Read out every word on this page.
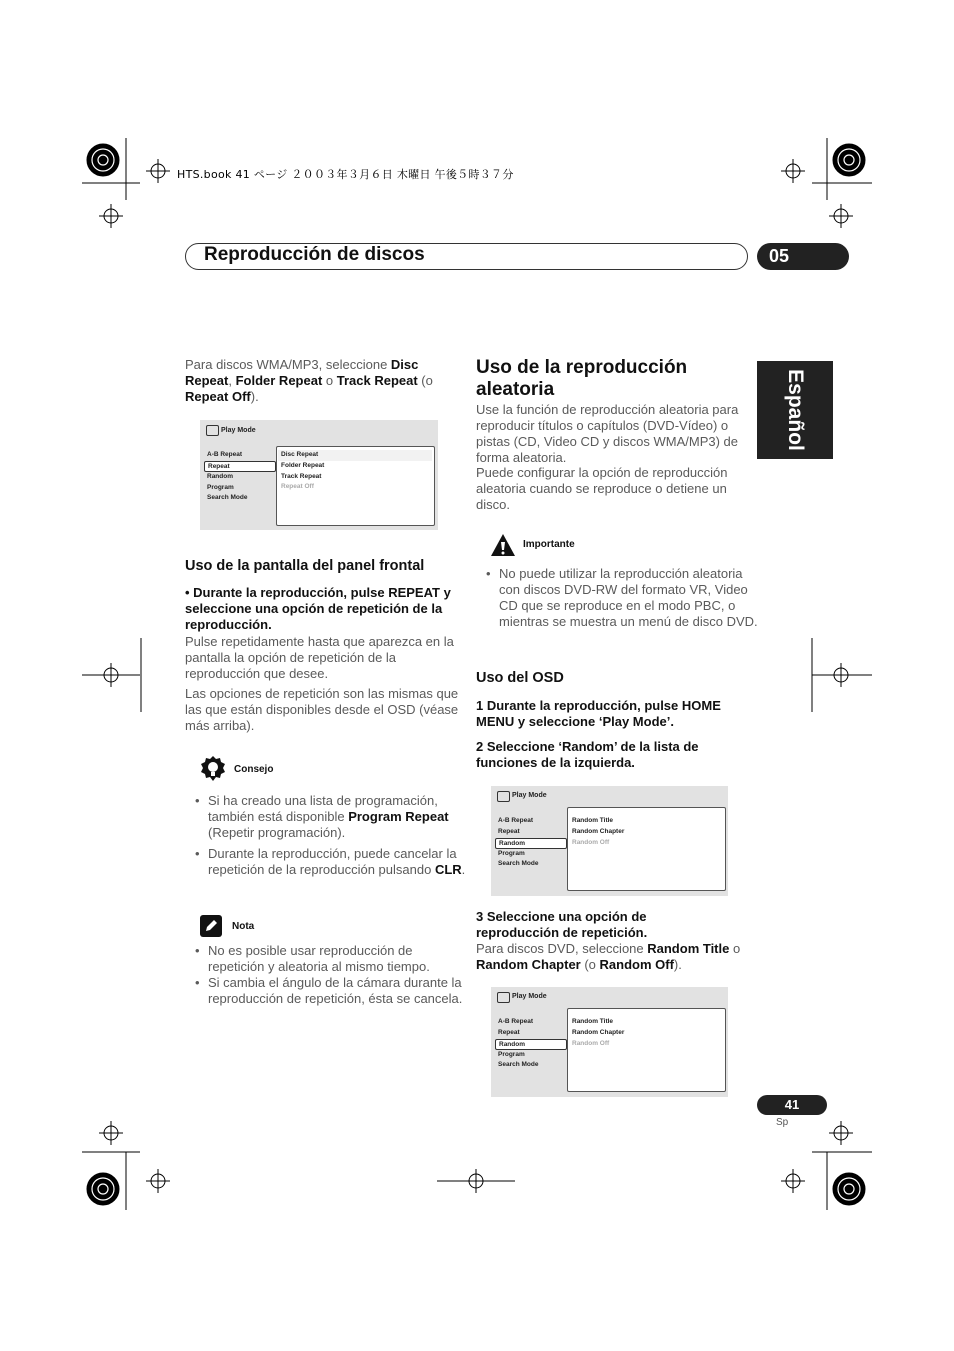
HTS.book 41 ページ ２００３年３月６日 木曜日 午後５時３７分
Reproducción de discos	05
Español
Para discos WMA/MP3, seleccione Disc Repeat, Folder Repeat o Track Repeat (o Repeat Off).
Play Mode
A-B Repeat
Repeat
Random
Program
Search Mode
Disc Repeat
Folder Repeat
Track Repeat
Repeat Off
Uso de la pantalla del panel frontal
• Durante la reproducción, pulse REPEAT y seleccione una opción de repetición de la reproducción.
Pulse repetidamente hasta que aparezca en la pantalla la opción de repetición de la reproducción que desee.
Las opciones de repetición son las mismas que las que están disponibles desde el OSD (véase más arriba).
Consejo
• Si ha creado una lista de programación, también está disponible Program Repeat (Repetir programación).
• Durante la reproducción, puede cancelar la repetición de la reproducción pulsando CLR.
Nota
• No es posible usar reproducción de repetición y aleatoria al mismo tiempo.
• Si cambia el ángulo de la cámara durante la reproducción de repetición, ésta se cancela.
Uso de la reproducción aleatoria
Use la función de reproducción aleatoria para reproducir títulos o capítulos (DVD-Vídeo) o pistas (CD, Video CD y discos WMA/MP3) de forma aleatoria.
Puede configurar la opción de reproducción aleatoria cuando se reproduce o detiene un disco.
Importante
• No puede utilizar la reproducción aleatoria con discos DVD-RW del formato VR, Video CD que se reproduce en el modo PBC, o mientras se muestra un menú de disco DVD.
Uso del OSD
1 Durante la reproducción, pulse HOME MENU y seleccione ‘Play Mode’.
2 Seleccione ‘Random’ de la lista de funciones de la izquierda.
Play Mode
A-B Repeat
Repeat
Random
Program
Search Mode
Random Title
Random Chapter
Random Off
3 Seleccione una opción de reproducción de repetición.
Para discos DVD, seleccione Random Title o Random Chapter (o Random Off).
Play Mode
A-B Repeat
Repeat
Random
Program
Search Mode
Random Title
Random Chapter
Random Off
41
Sp
